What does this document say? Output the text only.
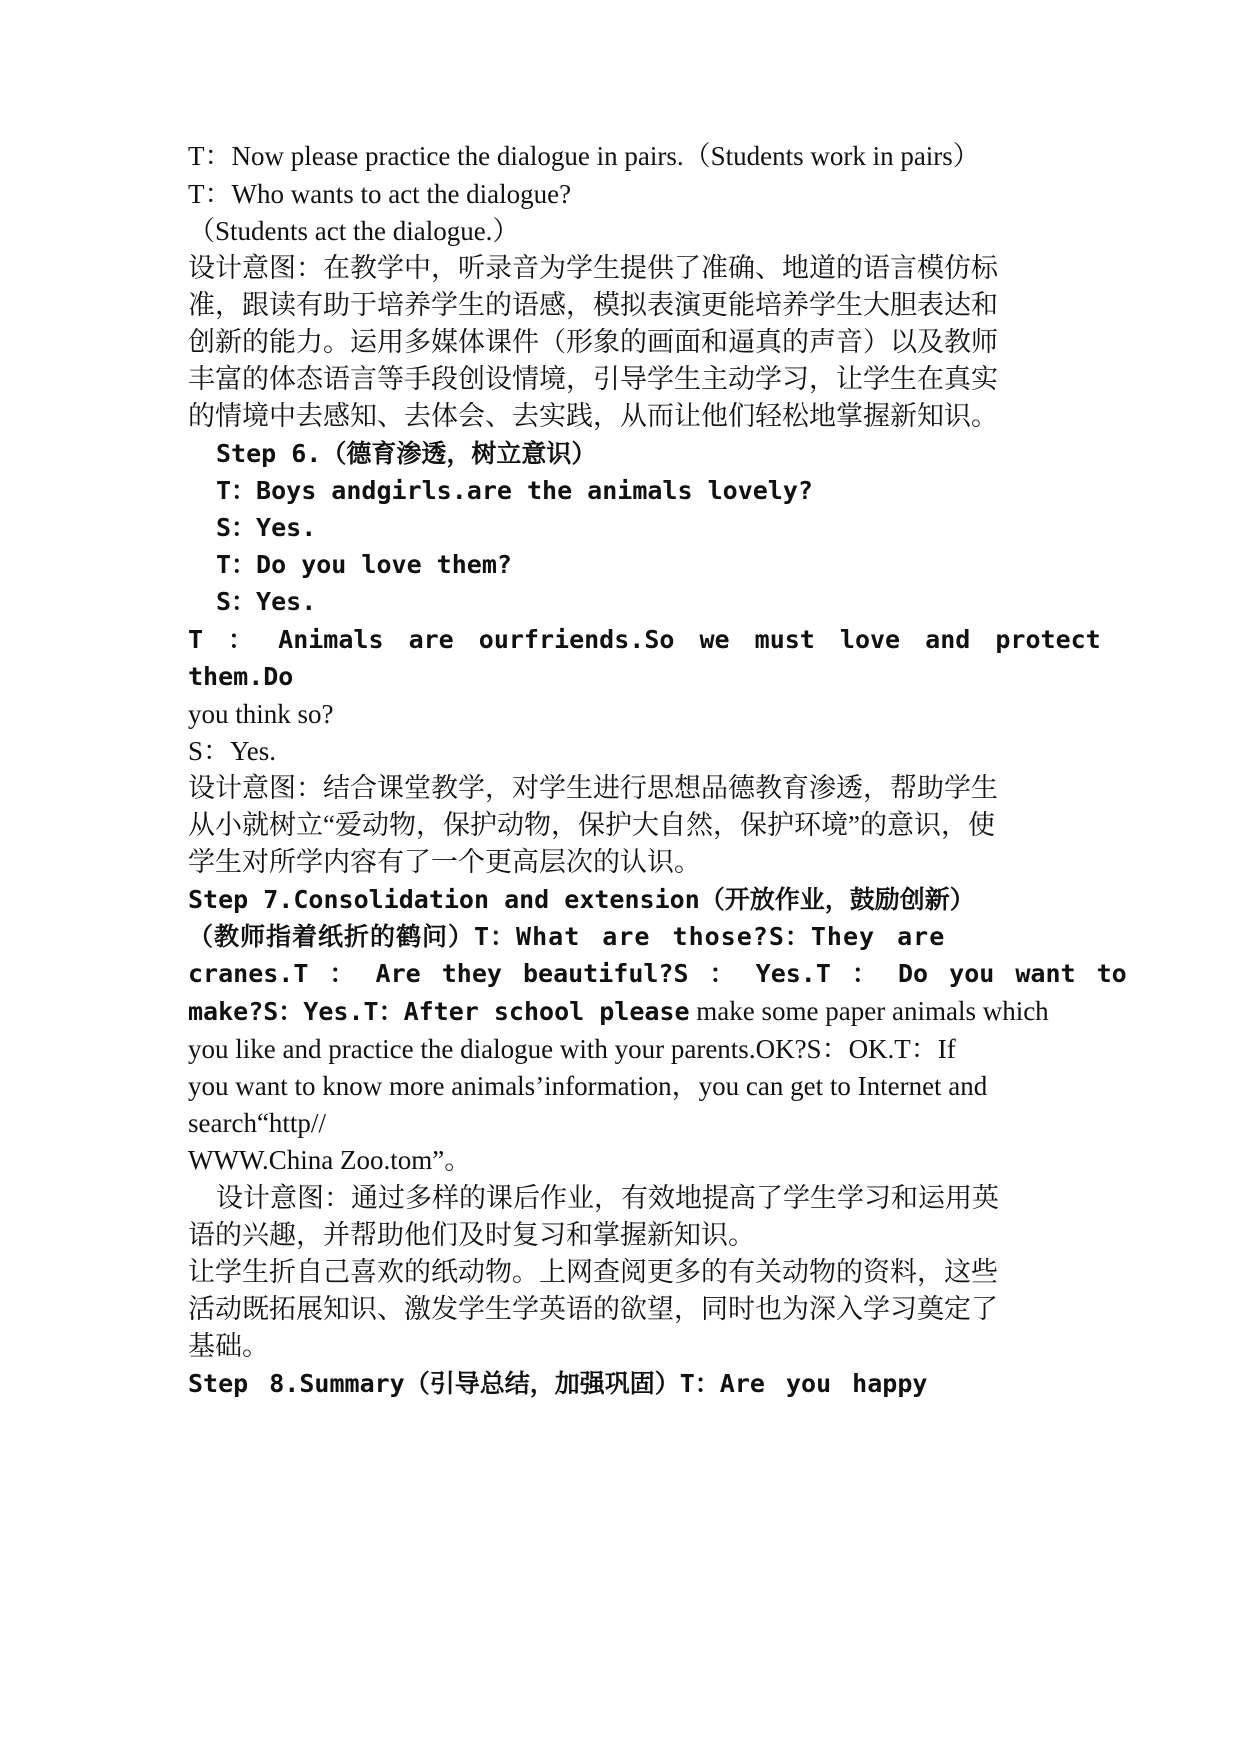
T：Now please practice the dialogue in pairs.（Students work in pairs）
T：Who wants to act the dialogue?
（Students act the dialogue.）
设计意图：在教学中，听录音为学生提供了准确、地道的语言模仿标
准，跟读有助于培养学生的语感，模拟表演更能培养学生大胆表达和
创新的能力。运用多媒体课件（形象的画面和逼真的声音）以及教师
丰富的体态语言等手段创设情境，引导学生主动学习，让学生在真实
的情境中去感知、去体会、去实践，从而让他们轻松地掌握新知识。
Step 6.（德育渗透，树立意识）
T：Boys andgirls.are the animals lovely?
S：Yes.
T：Do you love them?
S：Yes.
T ： Animals are ourfriends.So we must love and protect
them.Do
you think so?
S：Yes.
设计意图：结合课堂教学，对学生进行思想品德教育渗透，帮助学生
从小就树立“爱动物，保护动物，保护大自然，保护环境”的意识，使
学生对所学内容有了一个更高层次的认识。
Step 7.Consolidation and extension（开放作业，鼓励创新）
（教师指着纸折的鹤问）T：What are those?S：They are
cranes.T ： Are they beautiful?S ： Yes.T ： Do you want to
make?S：Yes.T：After school please make some paper animals which
you like and practice the dialogue with your parents.OK?S：OK.T：If
you want to know more animals’information，you can get to Internet and
search“http//
WWW.China Zoo.tom”。
设计意图：通过多样的课后作业，有效地提高了学生学习和运用英
语的兴趣，并帮助他们及时复习和掌握新知识。
让学生折自己喜欢的纸动物。上网查阅更多的有关动物的资料，这些
活动既拓展知识、激发学生学英语的欲望，同时也为深入学习奠定了
基础。
Step 8.Summary（引导总结，加强巩固）T：Are you happy
